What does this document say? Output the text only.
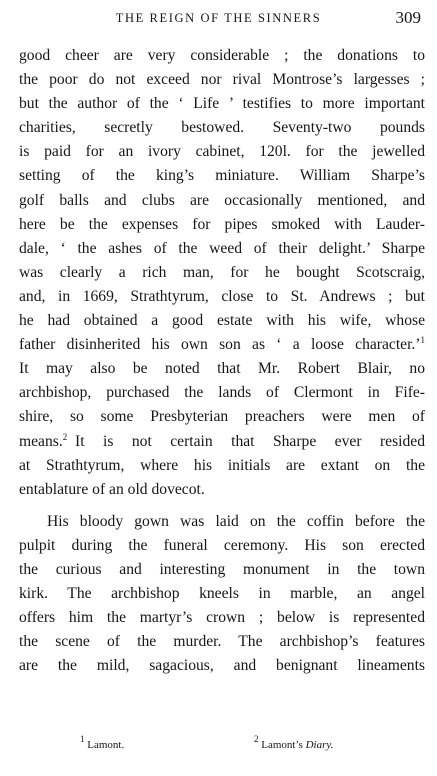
THE REIGN OF THE SINNERS	309
good cheer are very considerable ; the donations to
the poor do not exceed nor rival Montrose’s largesses ;
but the author of the ‘ Life ’ testifies to more important
charities, secretly bestowed. Seventy-two pounds
is paid for an ivory cabinet, 120l. for the jewelled
setting of the king’s miniature. William Sharpe’s
golf balls and clubs are occasionally mentioned, and
here be the expenses for pipes smoked with Lauder-
dale, ‘ the ashes of the weed of their delight.’ Sharpe
was clearly a rich man, for he bought Scotscraig,
and, in 1669, Strathtyrum, close to St. Andrews ; but
he had obtained a good estate with his wife, whose
father disinherited his own son as ‘ a loose character.’$^1$
It may also be noted that Mr. Robert Blair, no
archbishop, purchased the lands of Clermont in Fife-
shire, so some Presbyterian preachers were men of
means.$^2$  It is not certain that Sharpe ever resided
at Strathtyrum, where his initials are extant on the
entablature of an old dovecot.
His bloody gown was laid on the coffin before the
pulpit during the funeral ceremony. His son erected
the curious and interesting monument in the town
kirk. The archbishop kneels in marble, an angel
offers him the martyr’s crown ; below is represented
the scene of the murder. The archbishop’s features
are the mild, sagacious, and benignant lineaments
$^1$ Lamont.	$^2$ Lamont’s Diary.
